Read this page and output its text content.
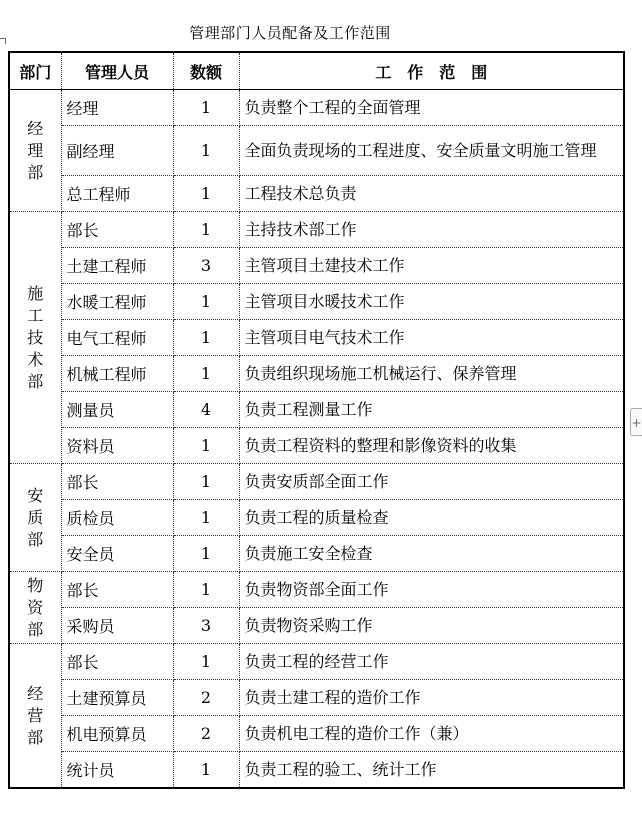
管理部门人员配备及工作范围
部门	管理人员	数额	工　作　范　围

经
理
部	经理	1	负责整个工程的全面管理
	副经理	1	全面负责现场的工程进度、安全质量文明施工管理
	总工程师	1	工程技术总负责

施
工
技
术
部	部长	1	主持技术部工作
	土建工程师	3	主管项目土建技术工作
	水暖工程师	1	主管项目水暖技术工作
	电气工程师	1	主管项目电气技术工作
	机械工程师	1	负责组织现场施工机械运行、保养管理
	测量员	4	负责工程测量工作
	资料员	1	负责工程资料的整理和影像资料的收集

安
质
部	部长	1	负责安质部全面工作
	质检员	1	负责工程的质量检查
	安全员	1	负责施工安全检查

物
资
部	部长	1	负责物资部全面工作
	采购员	3	负责物资采购工作

经
营
部	部长	1	负责工程的经营工作
	土建预算员	2	负责土建工程的造价工作
	机电预算员	2	负责机电工程的造价工作（兼）
	统计员	1	负责工程的验工、统计工作
+
